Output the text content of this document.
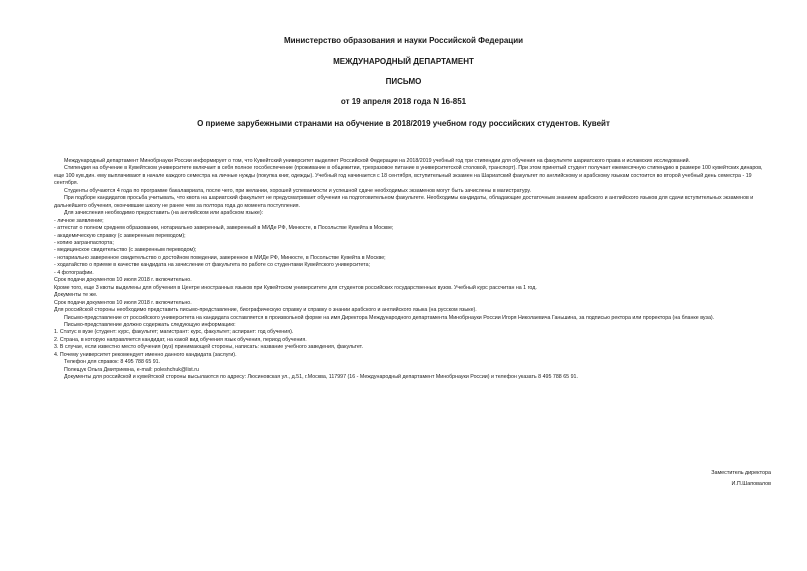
Министерство образования и науки Российской Федерации
МЕЖДУНАРОДНЫЙ ДЕПАРТАМЕНТ
ПИСЬМО
от 19 апреля 2018 года N 16-851
О приеме зарубежными странами на обучение в 2018/2019 учебном году российских студентов. Кувейт

Международный департамент Минобрнауки России информирует о том, что Кувейтский университет выделяет Российской Федерации на 2018/2019 учебный год три стипендии для обучения на факультете шариатского права и исламских исследований.

Стипендия на обучение в Кувейтском университете включает в себя полное гособеспечение (проживание в общежитии, трехразовое питание в университетской столовой, транспорт). При этом принятый студент получает ежемесячную стипендию в размере 100 кувейтских динаров, еще 100 кув.дин. ему выплачивают в начале каждого семестра на личные нужды (покупка книг, одежды). Учебный год начинается с 18 сентября, вступительный экзамен на Шариатский факультет по английскому и арабскому языкам состоится во второй учебный день семестра - 19 сентября.

Студенты обучаются 4 года по программе бакалавриата, после чего, при желании, хорошей успеваемости и успешной сдаче необходимых экзаменов могут быть зачислены в магистратуру.

При подборе кандидатов просьба учитывать, что квота на шариатский факультет не предусматривает обучения на подготовительном факультете. Необходимы кандидаты, обладающие достаточным знанием арабского и английского языков для сдачи вступительных экзаменов и дальнейшего обучения, окончившие школу не ранее чем за полтора года до момента поступления.

Для зачисления необходимо предоставить (на английском или арабском языке):

- личное заявление;

- аттестат о полном среднем образовании, нотариально заверенный, заверенный в МИДе РФ, Минюсте, в Посольстве Кувейта в Москве;

- академическую справку (с заверенным переводом);

- копию загранпаспорта;

- медицинское свидетельство (с заверенным переводом);

- нотариально заверенное свидетельство о достойном поведении, заверенное в МИДе РФ, Минюсте, в Посольстве Кувейта в Москве;

- ходатайство о приеме в качестве кандидата на зачисление от факультета по работе со студентами Кувейтского университета;

- 4 фотографии.

Срок подачи документов 10 июля 2018 г. включительно.

Кроме того, еще 3 квоты выделены для обучения в Центре иностранных языков при Кувейтском университете для студентов российских государственных вузов. Учебный курс рассчитан на 1 год.

Документы те же.

Срок подачи документов 10 июля 2018 г. включительно.

Для российской стороны необходимо представить письмо-представление, биографическую справку и справку о знании арабского и английского языка (на русском языке).

Письмо-представление от российского университета на кандидата составляется в произвольной форме на имя Директора Международного департамента Минобрнауки России Игоря Николаевича Ганьшина, за подписью ректора или проректора (на бланке вуза).

Письмо-представление должно содержать следующую информацию:

1. Статус в вузе (студент: курс, факультет; магистрант: курс, факультет; аспирант: год обучения).

2. Страна, в которую направляется кандидат, на какой вид обучения язык обучения, период обучения.

3. В случае, если известно место обучения (вуз) принимающей стороны, написать: название учебного заведения, факультет.

4. Почему университет рекомендует именно данного кандидата (заслуги).

Телефон для справок: 8 495 788 65 91.

Полещук Ольга Дмитриевна, e-mail: poleshchuk@list.ru

Документы для российской и кувейтской стороны высылаются по адресу: Люсиновская ул., д.51, г.Москва, 117997 (16 - Международный департамент Минобрнауки России) и телефон указать 8 495 788 65 91.

Заместитель директора
И.П.Шаповалов
